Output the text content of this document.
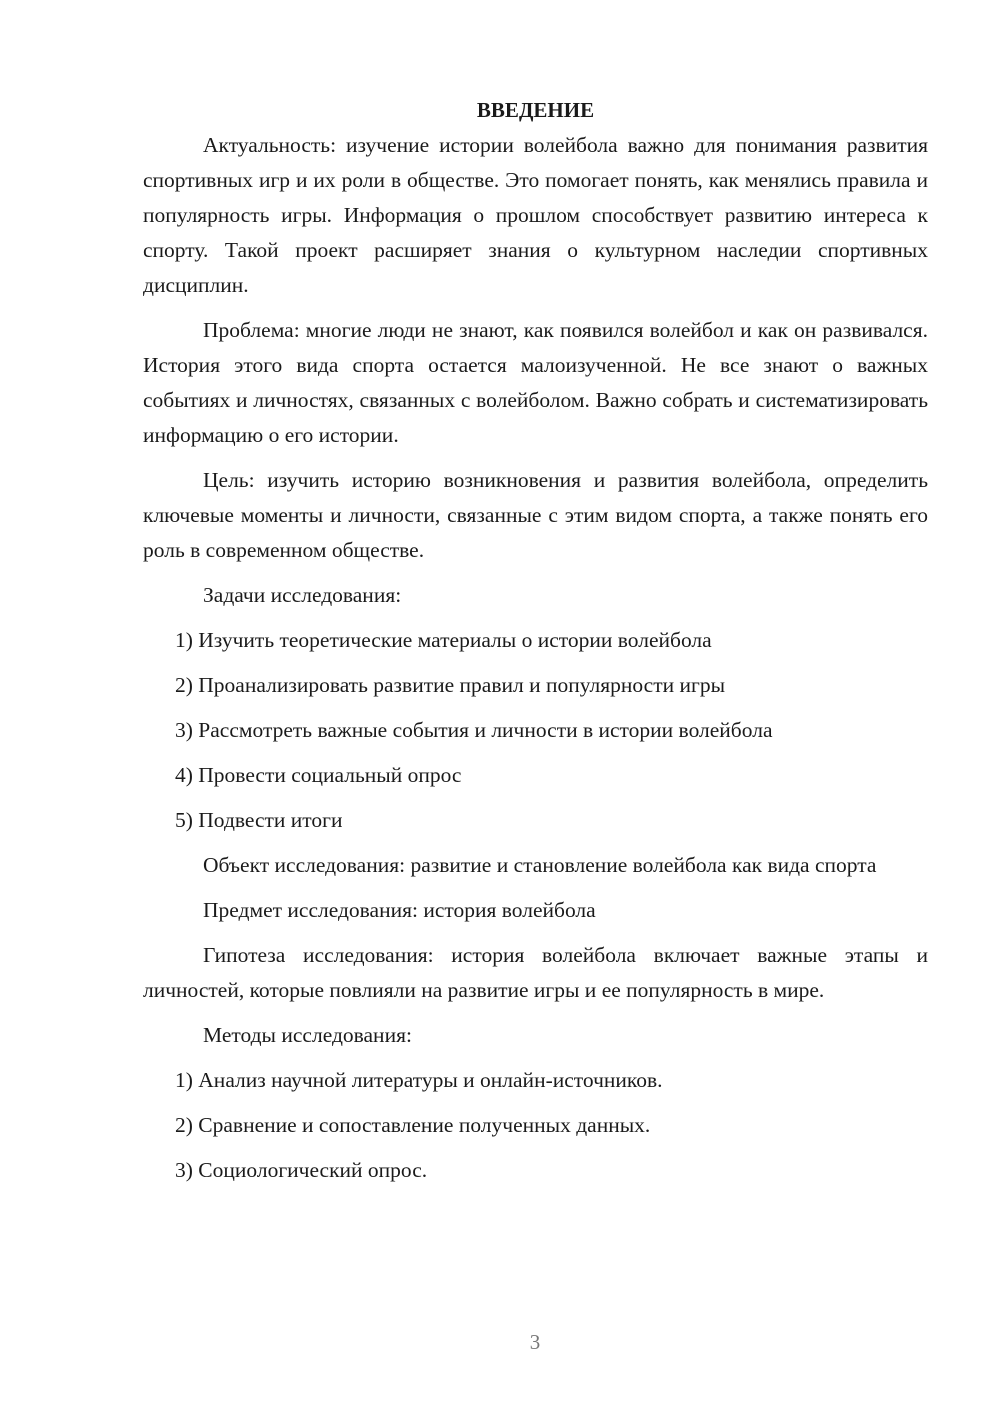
ВВЕДЕНИЕ

Актуальность: изучение истории волейбола важно для понимания развития спортивных игр и их роли в обществе. Это помогает понять, как менялись правила и популярность игры. Информация о прошлом способствует развитию интереса к спорту. Такой проект расширяет знания о культурном наследии спортивных дисциплин.

Проблема: многие люди не знают, как появился волейбол и как он развивался. История этого вида спорта остается малоизученной. Не все знают о важных событиях и личностях, связанных с волейболом. Важно собрать и систематизировать информацию о его истории.

Цель: изучить историю возникновения и развития волейбола, определить ключевые моменты и личности, связанные с этим видом спорта, а также понять его роль в современном обществе.

Задачи исследования:

1) Изучить теоретические материалы о истории волейбола
2) Проанализировать развитие правил и популярности игры
3) Рассмотреть важные события и личности в истории волейбола
4) Провести социальный опрос
5) Подвести итоги

Объект исследования: развитие и становление волейбола как вида спорта

Предмет исследования: история волейбола

Гипотеза исследования: история волейбола включает важные этапы и личностей, которые повлияли на развитие игры и ее популярность в мире.

Методы исследования:

1) Анализ научной литературы и онлайн-источников.
2) Сравнение и сопоставление полученных данных.
3) Социологический опрос.
3
